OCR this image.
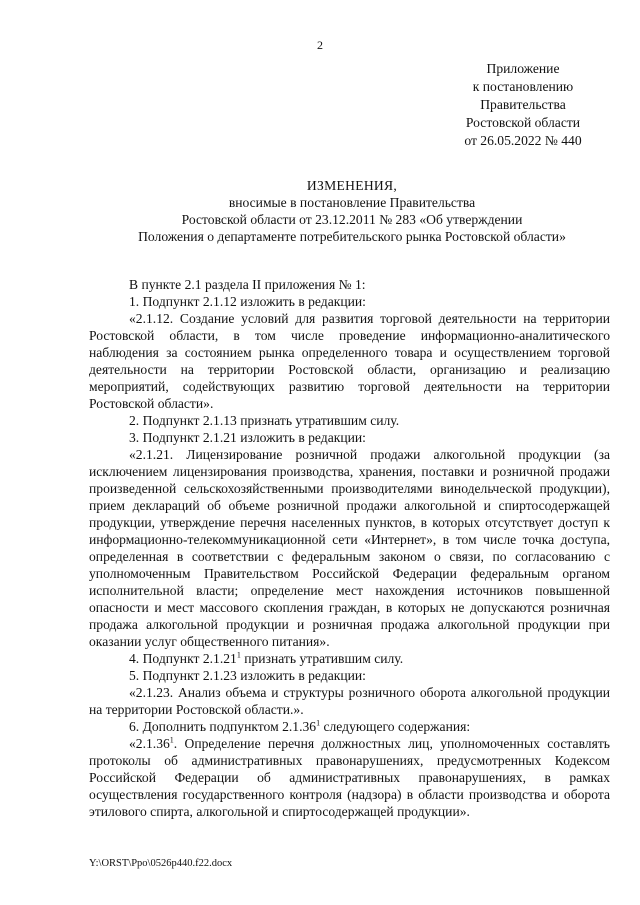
2
Приложение
к постановлению
Правительства
Ростовской области
от 26.05.2022 № 440
ИЗМЕНЕНИЯ,
вносимые в постановление Правительства
Ростовской области от 23.12.2011 № 283 «Об утверждении
Положения о департаменте потребительского рынка Ростовской области»

В пункте 2.1 раздела II приложения № 1:

1. Подпункт 2.1.12 изложить в редакции:

«2.1.12. Создание условий для развития торговой деятельности на территории Ростовской области, в том числе проведение информационно-аналитического наблюдения за состоянием рынка определенного товара и осуществлением торговой деятельности на территории Ростовской области, организацию и реализацию мероприятий, содействующих развитию торговой деятельности на территории Ростовской области».

2. Подпункт 2.1.13 признать утратившим силу.

3. Подпункт 2.1.21 изложить в редакции:

«2.1.21. Лицензирование розничной продажи алкогольной продукции (за исключением лицензирования производства, хранения, поставки и розничной продажи произведенной сельскохозяйственными производителями винодельческой продукции), прием деклараций об объеме розничной продажи алкогольной и спиртосодержащей продукции, утверждение перечня населенных пунктов, в которых отсутствует доступ к информационно-телекоммуникационной сети «Интернет», в том числе точка доступа, определенная в соответствии с федеральным законом о связи, по согласованию с уполномоченным Правительством Российской Федерации федеральным органом исполнительной власти; определение мест нахождения источников повышенной опасности и мест массового скопления граждан, в которых не допускаются розничная продажа алкогольной продукции и розничная продажа алкогольной продукции при оказании услуг общественного питания».

4. Подпункт 2.1.21$^1$ признать утратившим силу.

5. Подпункт 2.1.23 изложить в редакции:

«2.1.23. Анализ объема и структуры розничного оборота алкогольной продукции на территории Ростовской области.».

6. Дополнить подпунктом 2.1.36$^1$ следующего содержания:

«2.1.36$^1$. Определение перечня должностных лиц, уполномоченных составлять протоколы об административных правонарушениях, предусмотренных Кодексом Российской Федерации об административных правонарушениях, в рамках осуществления государственного контроля (надзора) в области производства и оборота этилового спирта, алкогольной и спиртосодержащей продукции».

Y:\ORST\Ppo\0526p440.f22.docx
